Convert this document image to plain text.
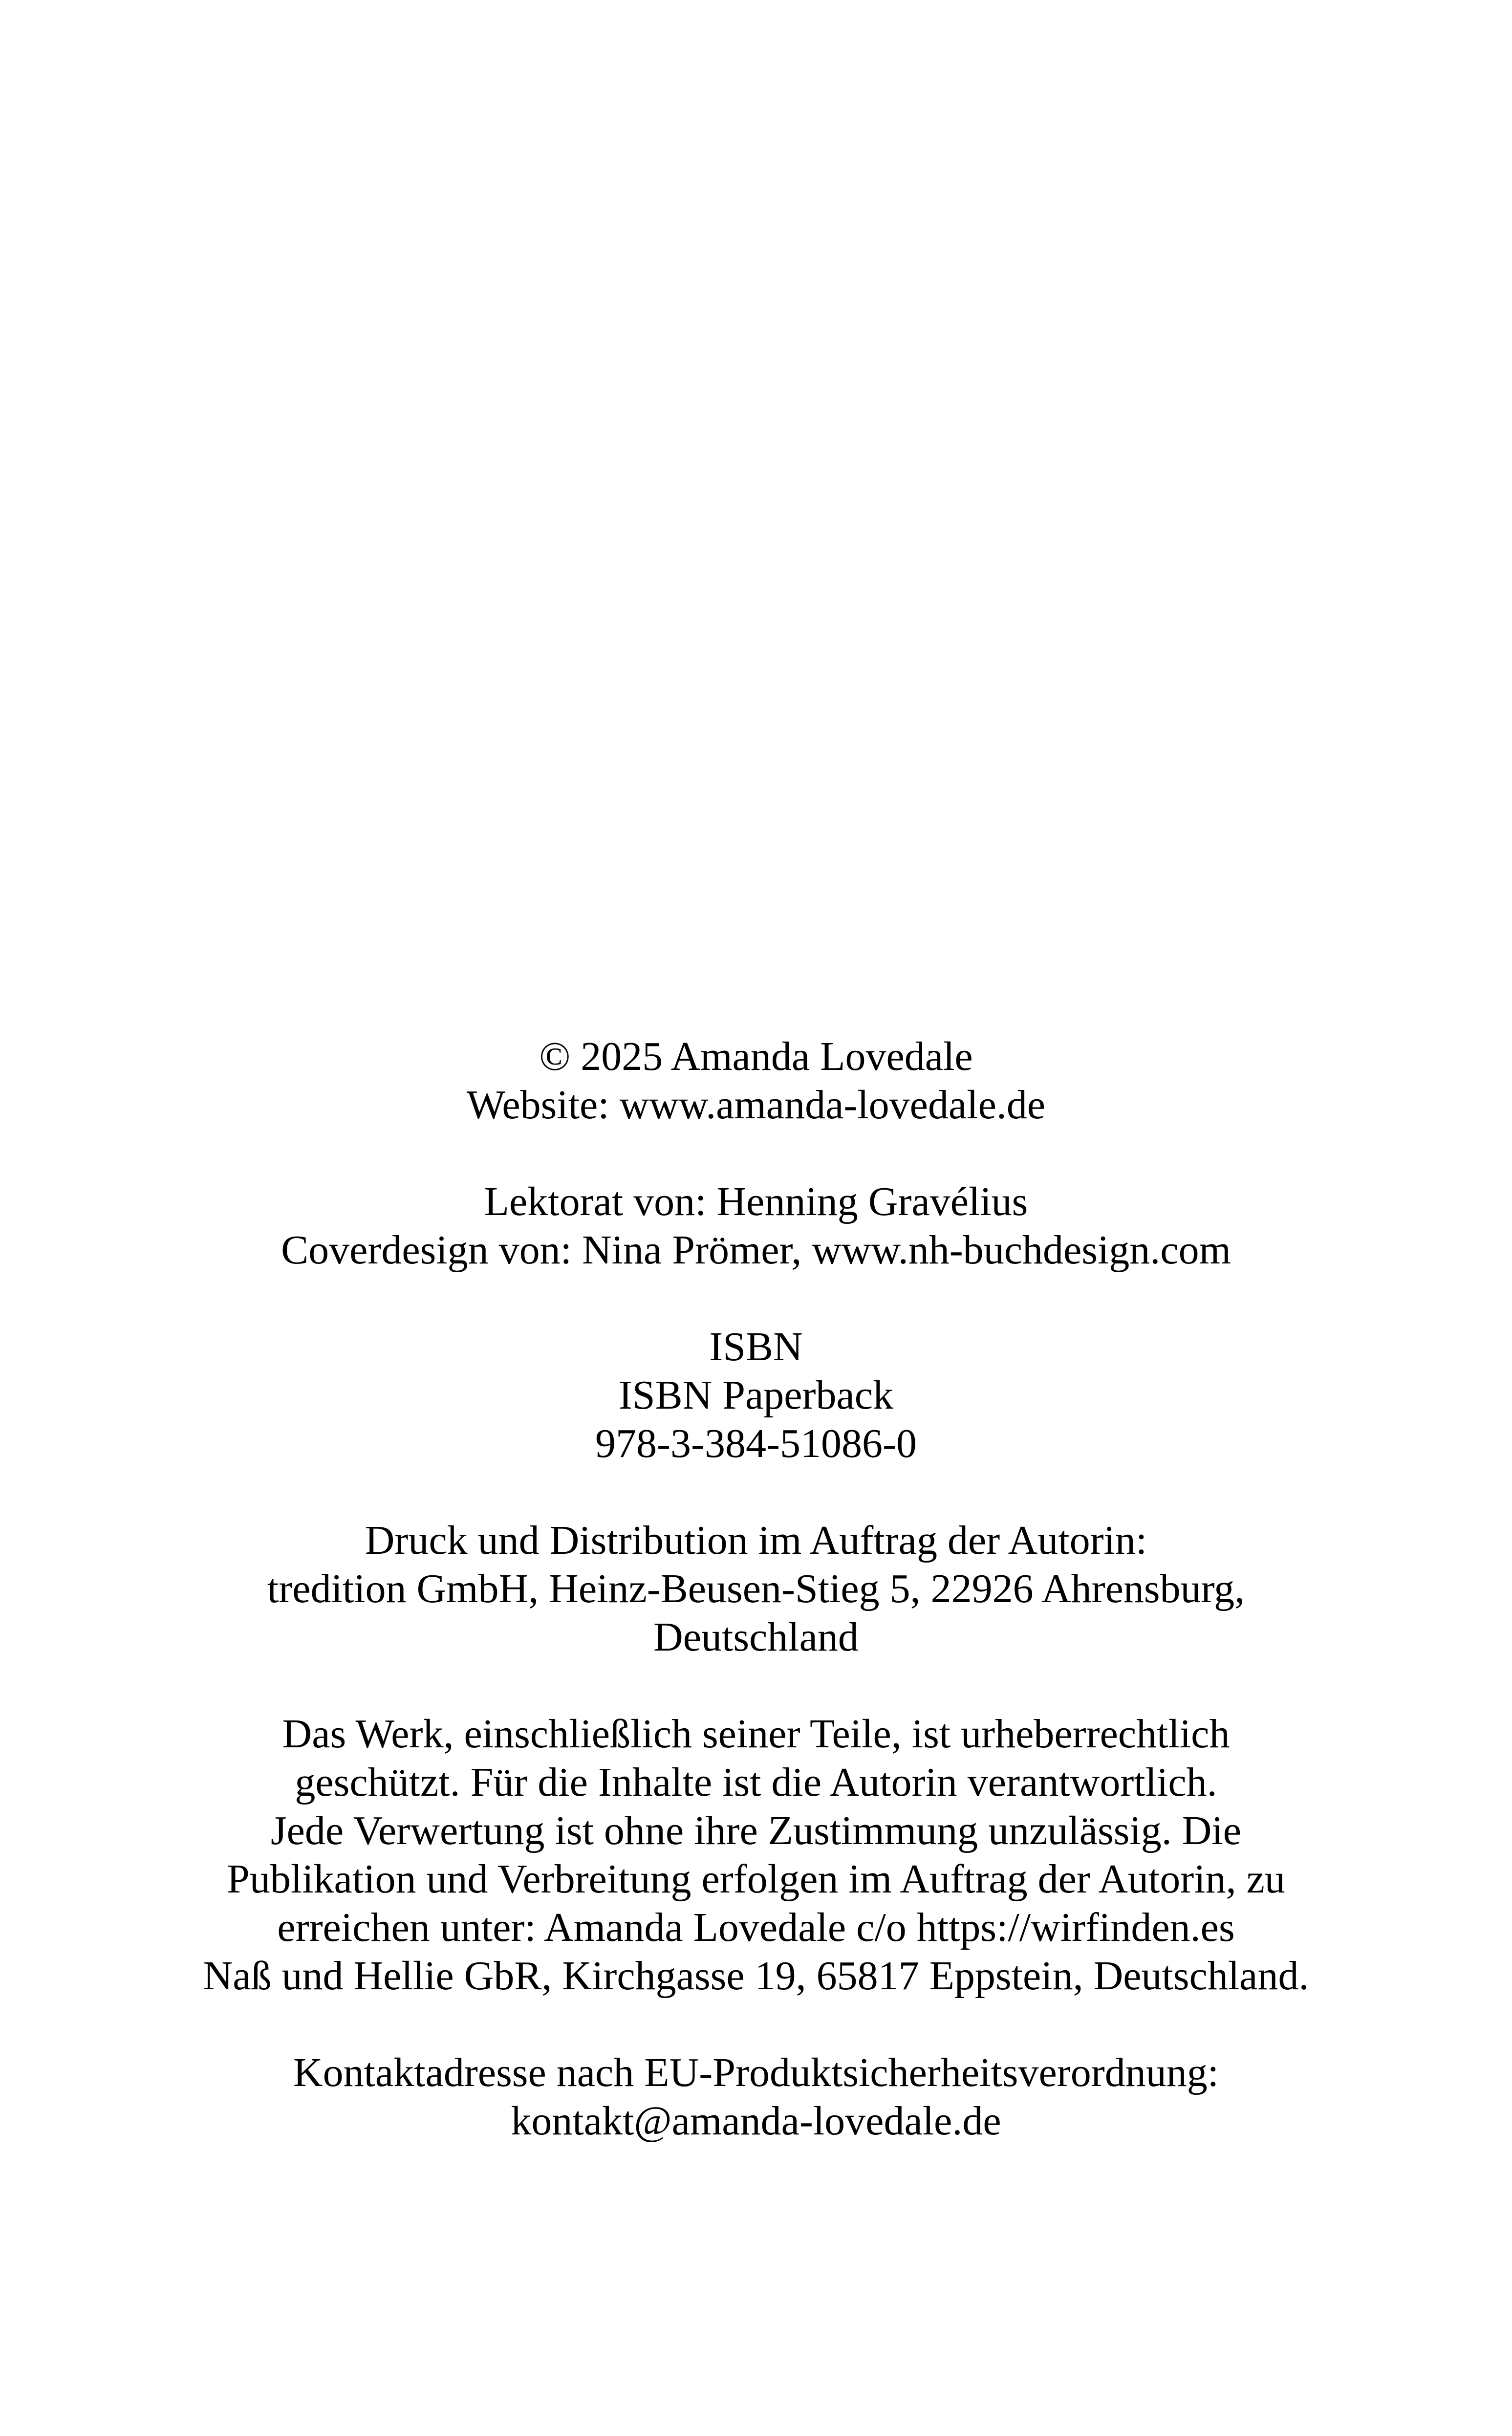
© 2025 Amanda Lovedale
Website: www.amanda-lovedale.de
Lektorat von: Henning Gravélius
Coverdesign von: Nina Prömer, www.nh-buchdesign.com
ISBN
ISBN Paperback
978-3-384-51086-0
Druck und Distribution im Auftrag der Autorin:
tredition GmbH, Heinz-Beusen-Stieg 5, 22926 Ahrensburg,
Deutschland
Das Werk, einschließlich seiner Teile, ist urheberrechtlich
geschützt. Für die Inhalte ist die Autorin verantwortlich.
Jede Verwertung ist ohne ihre Zustimmung unzulässig. Die
Publikation und Verbreitung erfolgen im Auftrag der Autorin, zu
erreichen unter: Amanda Lovedale c/o https://wirfinden.es
Naß und Hellie GbR, Kirchgasse 19, 65817 Eppstein, Deutschland.
Kontaktadresse nach EU-Produktsicherheitsverordnung:
kontakt@amanda-lovedale.de
